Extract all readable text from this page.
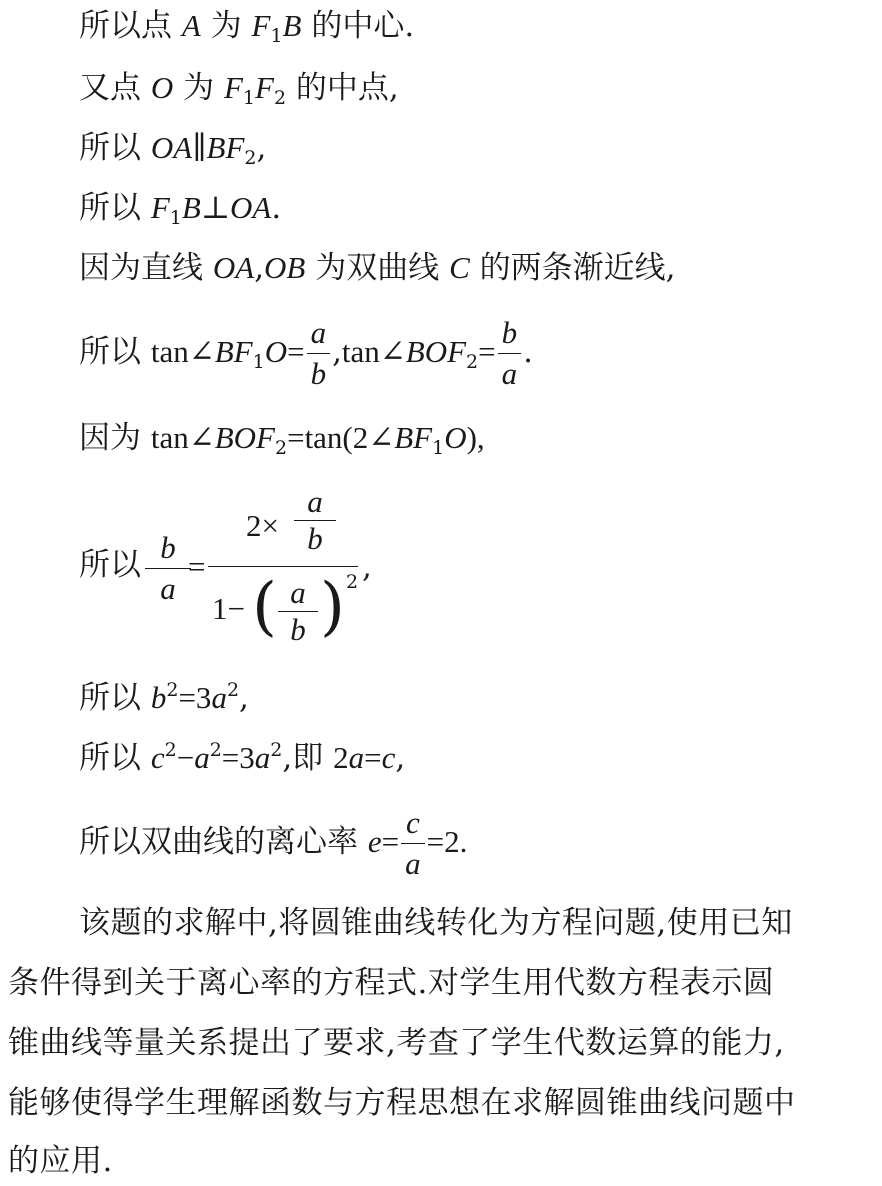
所以点 A 为 $F_1B$ 的中心.
又点 O 为 $F_1F_2$ 的中点,
所以 $OA\parallel BF_2$,
所以 $F_1B\perp OA$.
因为直线 OA,OB 为双曲线 C 的两条渐近线,
所以 $\tan\angle BF_1O= \frac{a}{b}$ $,\tan\angle BOF_2= \frac{b}{a}$ .
因为 $\tan\angle BOF_2=\tan(2\angle BF_1O)$,
所以 $\frac{b}{a}$
= $\frac{2\times \frac{a}{b}}{1- ( \frac{a}{b} ) 2}$ ,
所以 $b^2=3a^2$,
所以 $c^2-a^2=3a^2$,即 2a=c,
所以双曲线的离心率 $e= \frac{c}{a} =2$.
该题的求解中,将圆锥曲线转化为方程问题,使用已知
条件得到关于离心率的方程式.对学生用代数方程表示圆
锥曲线等量关系提出了要求,考查了学生代数运算的能力,
能够使得学生理解函数与方程思想在求解圆锥曲线问题中
的应用.
